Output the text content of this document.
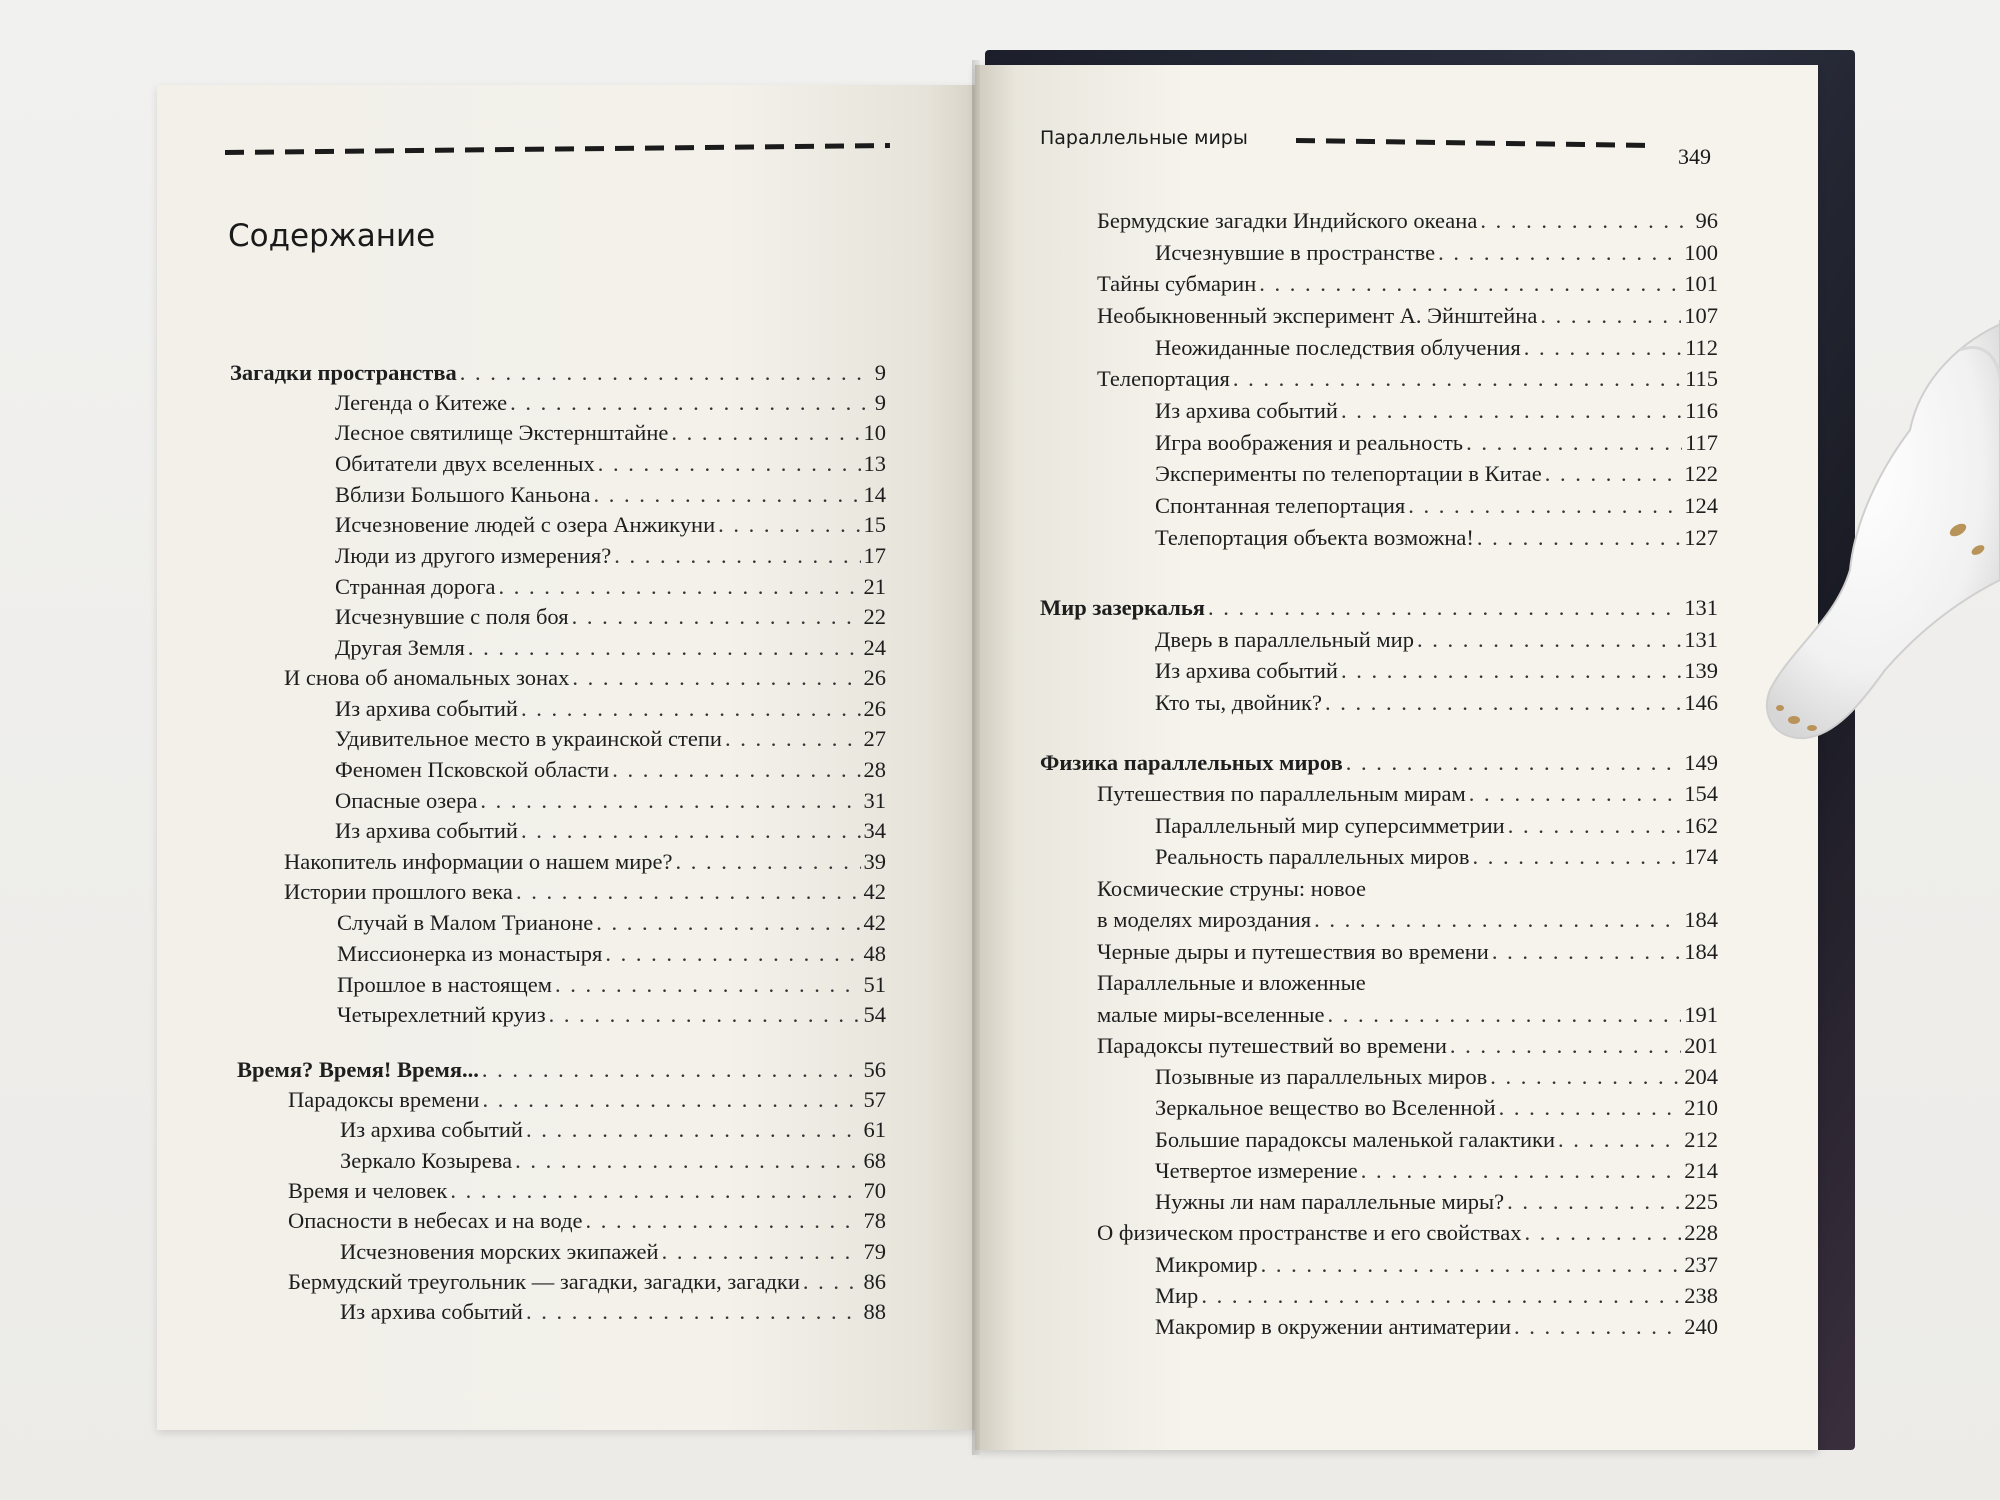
Содержание
Параллельные миры
349
Загадки пространства . . .	9
Легенда о Китеже . . .	9
Лесное святилище Экстернштайне . . .	10
Обитатели двух вселенных . . .	13
Вблизи Большого Каньона . . .	14
Исчезновение людей с озера Анжикуни . . .	15
Люди из другого измерения? . . .	17
Странная дорога . . .	21
Исчезнувшие с поля боя . . .	22
Другая Земля . . .	24
И снова об аномальных зонах . . .	26
Из архива событий . . .	26
Удивительное место в украинской степи . . .	27
Феномен Псковской области . . .	28
Опасные озера . . .	31
Из архива событий . . .	34
Накопитель информации о нашем мире? . . .	39
Истории прошлого века . . .	42
Случай в Малом Трианоне . . .	42
Миссионерка из монастыря . . .	48
Прошлое в настоящем . . .	51
Четырехлетний круиз . . .	54
Время? Время! Время... . . .	56
Парадоксы времени . . .	57
Из архива событий . . .	61
Зеркало Козырева . . .	68
Время и человек . . .	70
Опасности в небесах и на воде . . .	78
Исчезновения морских экипажей . . .	79
Бермудский треугольник — загадки, загадки, загадки . . .	86
Из архива событий . . .	88
Бермудские загадки Индийского океана . . .	96
Исчезнувшие в пространстве . . .	100
Тайны субмарин . . .	101
Необыкновенный эксперимент А. Эйнштейна . . .	107
Неожиданные последствия облучения . . .	112
Телепортация . . .	115
Из архива событий . . .	116
Игра воображения и реальность . . .	117
Эксперименты по телепортации в Китае . . .	122
Спонтанная телепортация . . .	124
Телепортация объекта возможна! . . .	127
Мир зазеркалья . . .	131
Дверь в параллельный мир . . .	131
Из архива событий . . .	139
Кто ты, двойник? . . .	146
Физика параллельных миров . . .	149
Путешествия по параллельным мирам . . .	154
Параллельный мир суперсимметрии . . .	162
Реальность параллельных миров . . .	174
Космические струны: новое
в моделях мироздания . . .	184
Черные дыры и путешествия во времени . . .	184
Параллельные и вложенные
малые миры-вселенные . . .	191
Парадоксы путешествий во времени . . .	201
Позывные из параллельных миров . . .	204
Зеркальное вещество во Вселенной . . .	210
Большие парадоксы маленькой галактики . . .	212
Четвертое измерение . . .	214
Нужны ли нам параллельные миры? . . .	225
О физическом пространстве и его свойствах . . .	228
Микромир . . .	237
Мир . . .	238
Макромир в окружении антиматерии . . .	240
